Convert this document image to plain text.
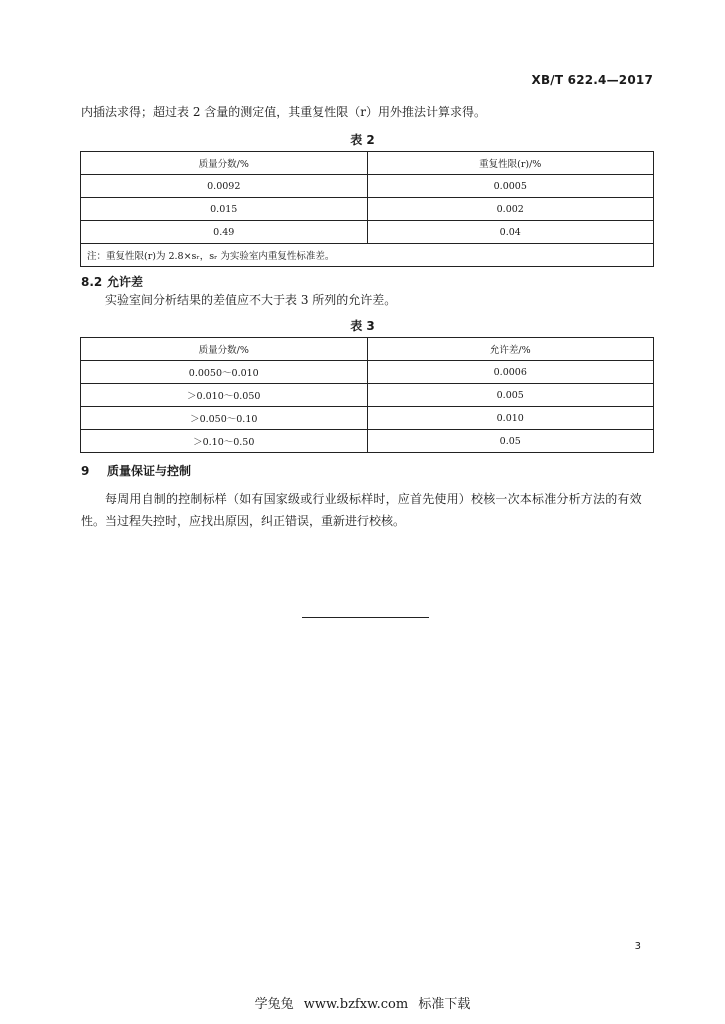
XB/T 622.4—2017
内插法求得；超过表 2 含量的测定值，其重复性限（r）用外推法计算求得。
表 2
质量分数/%	重复性限(r)/%
0.0092	0.0005
0.015	0.002
0.49	0.04
注：重复性限(r)为 2.8×sᵣ，sᵣ 为实验室内重复性标准差。	
8.2 允许差
实验室间分析结果的差值应不大于表 3 所列的允许差。
表 3
质量分数/%	允许差/%
0.0050～0.010	0.0006
＞0.010～0.050	0.005
＞0.050～0.10	0.010
＞0.10～0.50	0.05
9 质量保证与控制
每周用自制的控制标样（如有国家级或行业级标样时，应首先使用）校核一次本标准分析方法的有效
性。当过程失控时，应找出原因，纠正错误，重新进行校核。
3
学兔兔 www.bzfxw.com 标准下载
